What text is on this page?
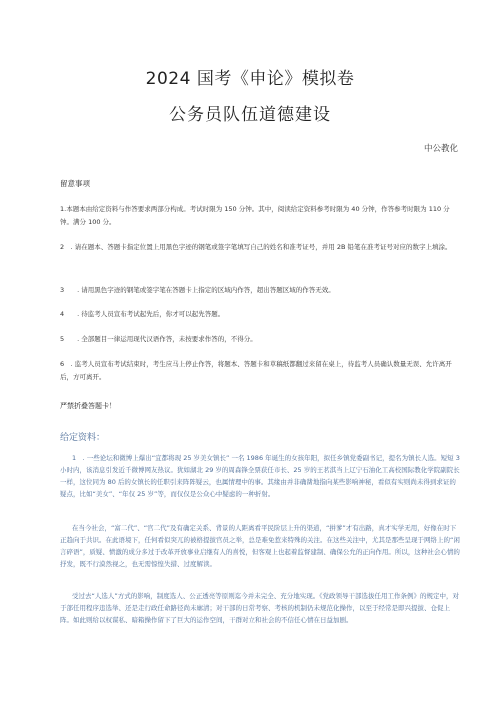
2024 国考《申论》模拟卷
公务员队伍道德建设
中公教化
留意事项

1.本题本由给定资料与作答要求两部分构成。考试时限为 150 分钟。其中，阅读给定资料参考时限为 40 分钟，作答参考时限为 110 分钟。满分 100 分。

2　. 请在题本、答题卡指定位置上用黑色字迹的钢笔或签字笔填写自己的姓名和准考证号，并用 2B 铅笔在准考证号对应的数字上填涂。

3　　. 请用黑色字迹的钢笔或签字笔在答题卡上指定的区域内作答，超出答题区域的作答无效。

4　　. 待监考人员宣布考试起先后，你才可以起先答题。

5　　. 全部题目一律运用现代汉语作答，未按要求作答的，不得分。

6　. 监考人员宣布考试结束时，考生应马上停止作答，将题本、答题卡和草稿纸都翻过来留在桌上，待监考人员确认数量无误、允许离开后，方可离开。

严禁折叠答题卡！
给定资料：

1　. 一些论坛和微博上爆出“宜都将现 25 岁美女镇长” 一名 1986 年诞生的女孩年阳，拟任乡镇党委副书记，提名为镇长人选。短短 3 小时内，该消息引发近千微博网友热议。犹如湖北 29 岁的周森锋全票获任市长、25 岁的王茗淇当上辽宁石油化工高校国际教化学院副院长一样，这位同为 80 后的女镇长的任职引来阵阵疑云，也属情理中的事。其缘由并非确凿地指向某些影响神秘，看似有实则尚未得到求证的疑点，比如“美女”、“年仅 25 岁”等，而仅仅是公众心中疑虑的一种折射。

在当今社会，“富二代”、“官二代”及有确定关系、背景的人距离看平民阶层上升的渠道，“拼爹”才有出路，真才实学无用，好像在时下正趋向于共识。在此语境下，任何看似突兀的被格提拔官员之举，总是难免惹来特殊的关注。在这些关注中，尤其是那些呈现于网络上的“闲言碎语”，质疑、愤激的成分多过于改革开放事业启继有人的喜悦，但客观上也起着监督建制、确保公允的正向作用。所以，这种社会心情的抒发，既不行漠然视之，也无需惊惶失措、过度解读。

受过去“人选人”方式的影响，制度选人、公正透亮等原则迄今并未完全、充分地实现。《党政领导干部选拔任用工作条例》的规定中，对于部任用程序违选举、还是走行政任命路径尚未廓清；对干部的日常考察、考核的机制仍未规范化操作，以至于经常是即兴提拔、仓促上阵。如此则给以权谋私、暗箱操作留下了巨大的运作空间，干群对立和社会的不信任心情在日益加剧。
